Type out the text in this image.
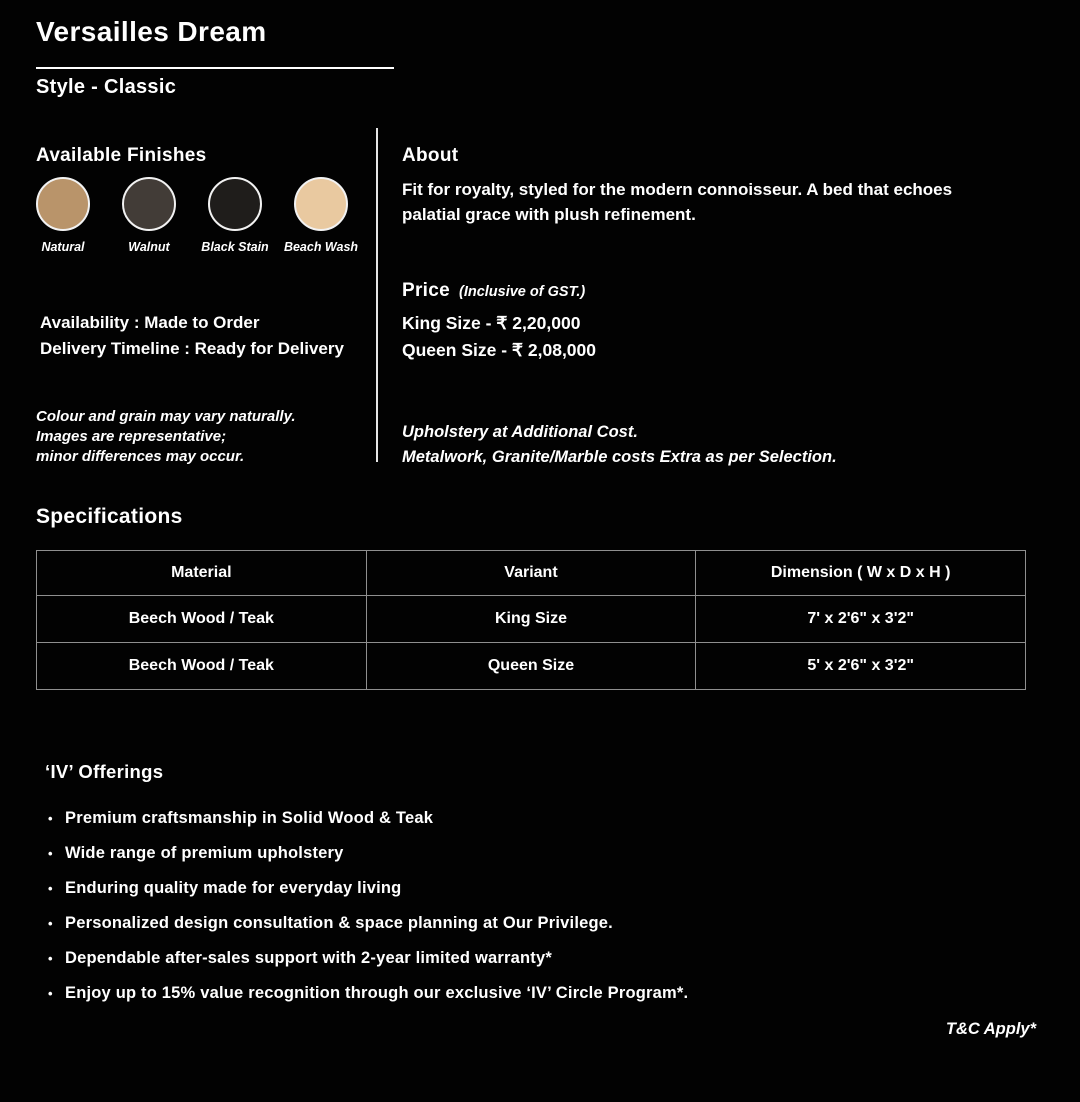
Versailles Dream
Style - Classic
Available Finishes
Natural	Walnut	Black Stain Beach Wash
Availability : Made to Order
Delivery Timeline : Ready for Delivery
Colour and grain may vary naturally.
Images are representative;
minor differences may occur.
About
Fit for royalty, styled for the modern connoisseur. A bed that echoes palatial grace with plush refinement.
Price (Inclusive of GST.)
King Size - ₹ 2,20,000
Queen Size - ₹ 2,08,000
Upholstery at Additional Cost.
Metalwork, Granite/Marble costs Extra as per Selection.
Specifications
Material	Variant	Dimension ( W x D x H )
Beech Wood / Teak	King Size	7' x 2'6" x 3'2"
Beech Wood / Teak	Queen Size	5' x 2'6" x 3'2"
‘IV’ Offerings
• Premium craftsmanship in Solid Wood & Teak
• Wide range of premium upholstery
• Enduring quality made for everyday living
• Personalized design consultation & space planning at Our Privilege.
• Dependable after-sales support with 2-year limited warranty*
• Enjoy up to 15% value recognition through our exclusive ‘IV’ Circle Program*.
T&C Apply*
